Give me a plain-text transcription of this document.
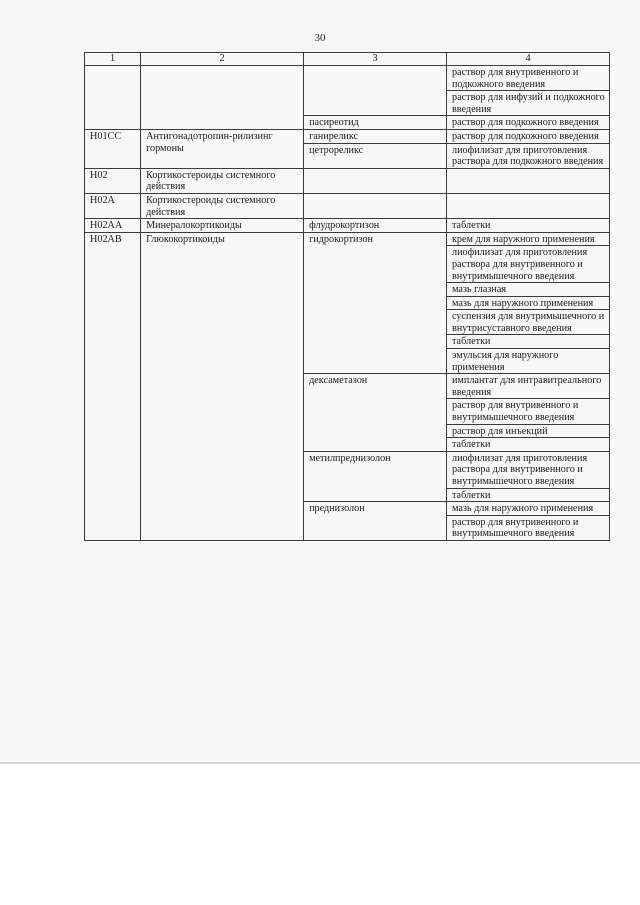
30
1	2	3	4
			раствор для внутривенного и подкожного введения
			раствор для инфузий и подкожного введения
		пасиреотид	раствор для подкожного введения
H01CC	Антигонадотропин-рилизинг гормоны	ганиреликс	раствор для подкожного введения
		цетрореликс	лиофилизат для приготовления раствора для подкожного введения
H02	Кортикостероиды системного действия		
H02A	Кортикостероиды системного действия		
H02AA	Минералокортикоиды	флудрокортизон	таблетки
H02AB	Глюкокортикоиды	гидрокортизон	крем для наружного применения
			лиофилизат для приготовления раствора для внутривенного и внутримышечного введения
			мазь глазная
			мазь для наружного применения
			суспензия для внутримышечного и внутрисуставного введения
			таблетки
			эмульсия для наружного применения
		дексаметазон	имплантат для интравитреального введения
			раствор для внутривенного и внутримышечного введения
			раствор для инъекций
			таблетки
		метилпреднизолон	лиофилизат для приготовления раствора для внутривенного и внутримышечного введения
			таблетки
		преднизолон	мазь для наружного применения
			раствор для внутривенного и внутримышечного введения
